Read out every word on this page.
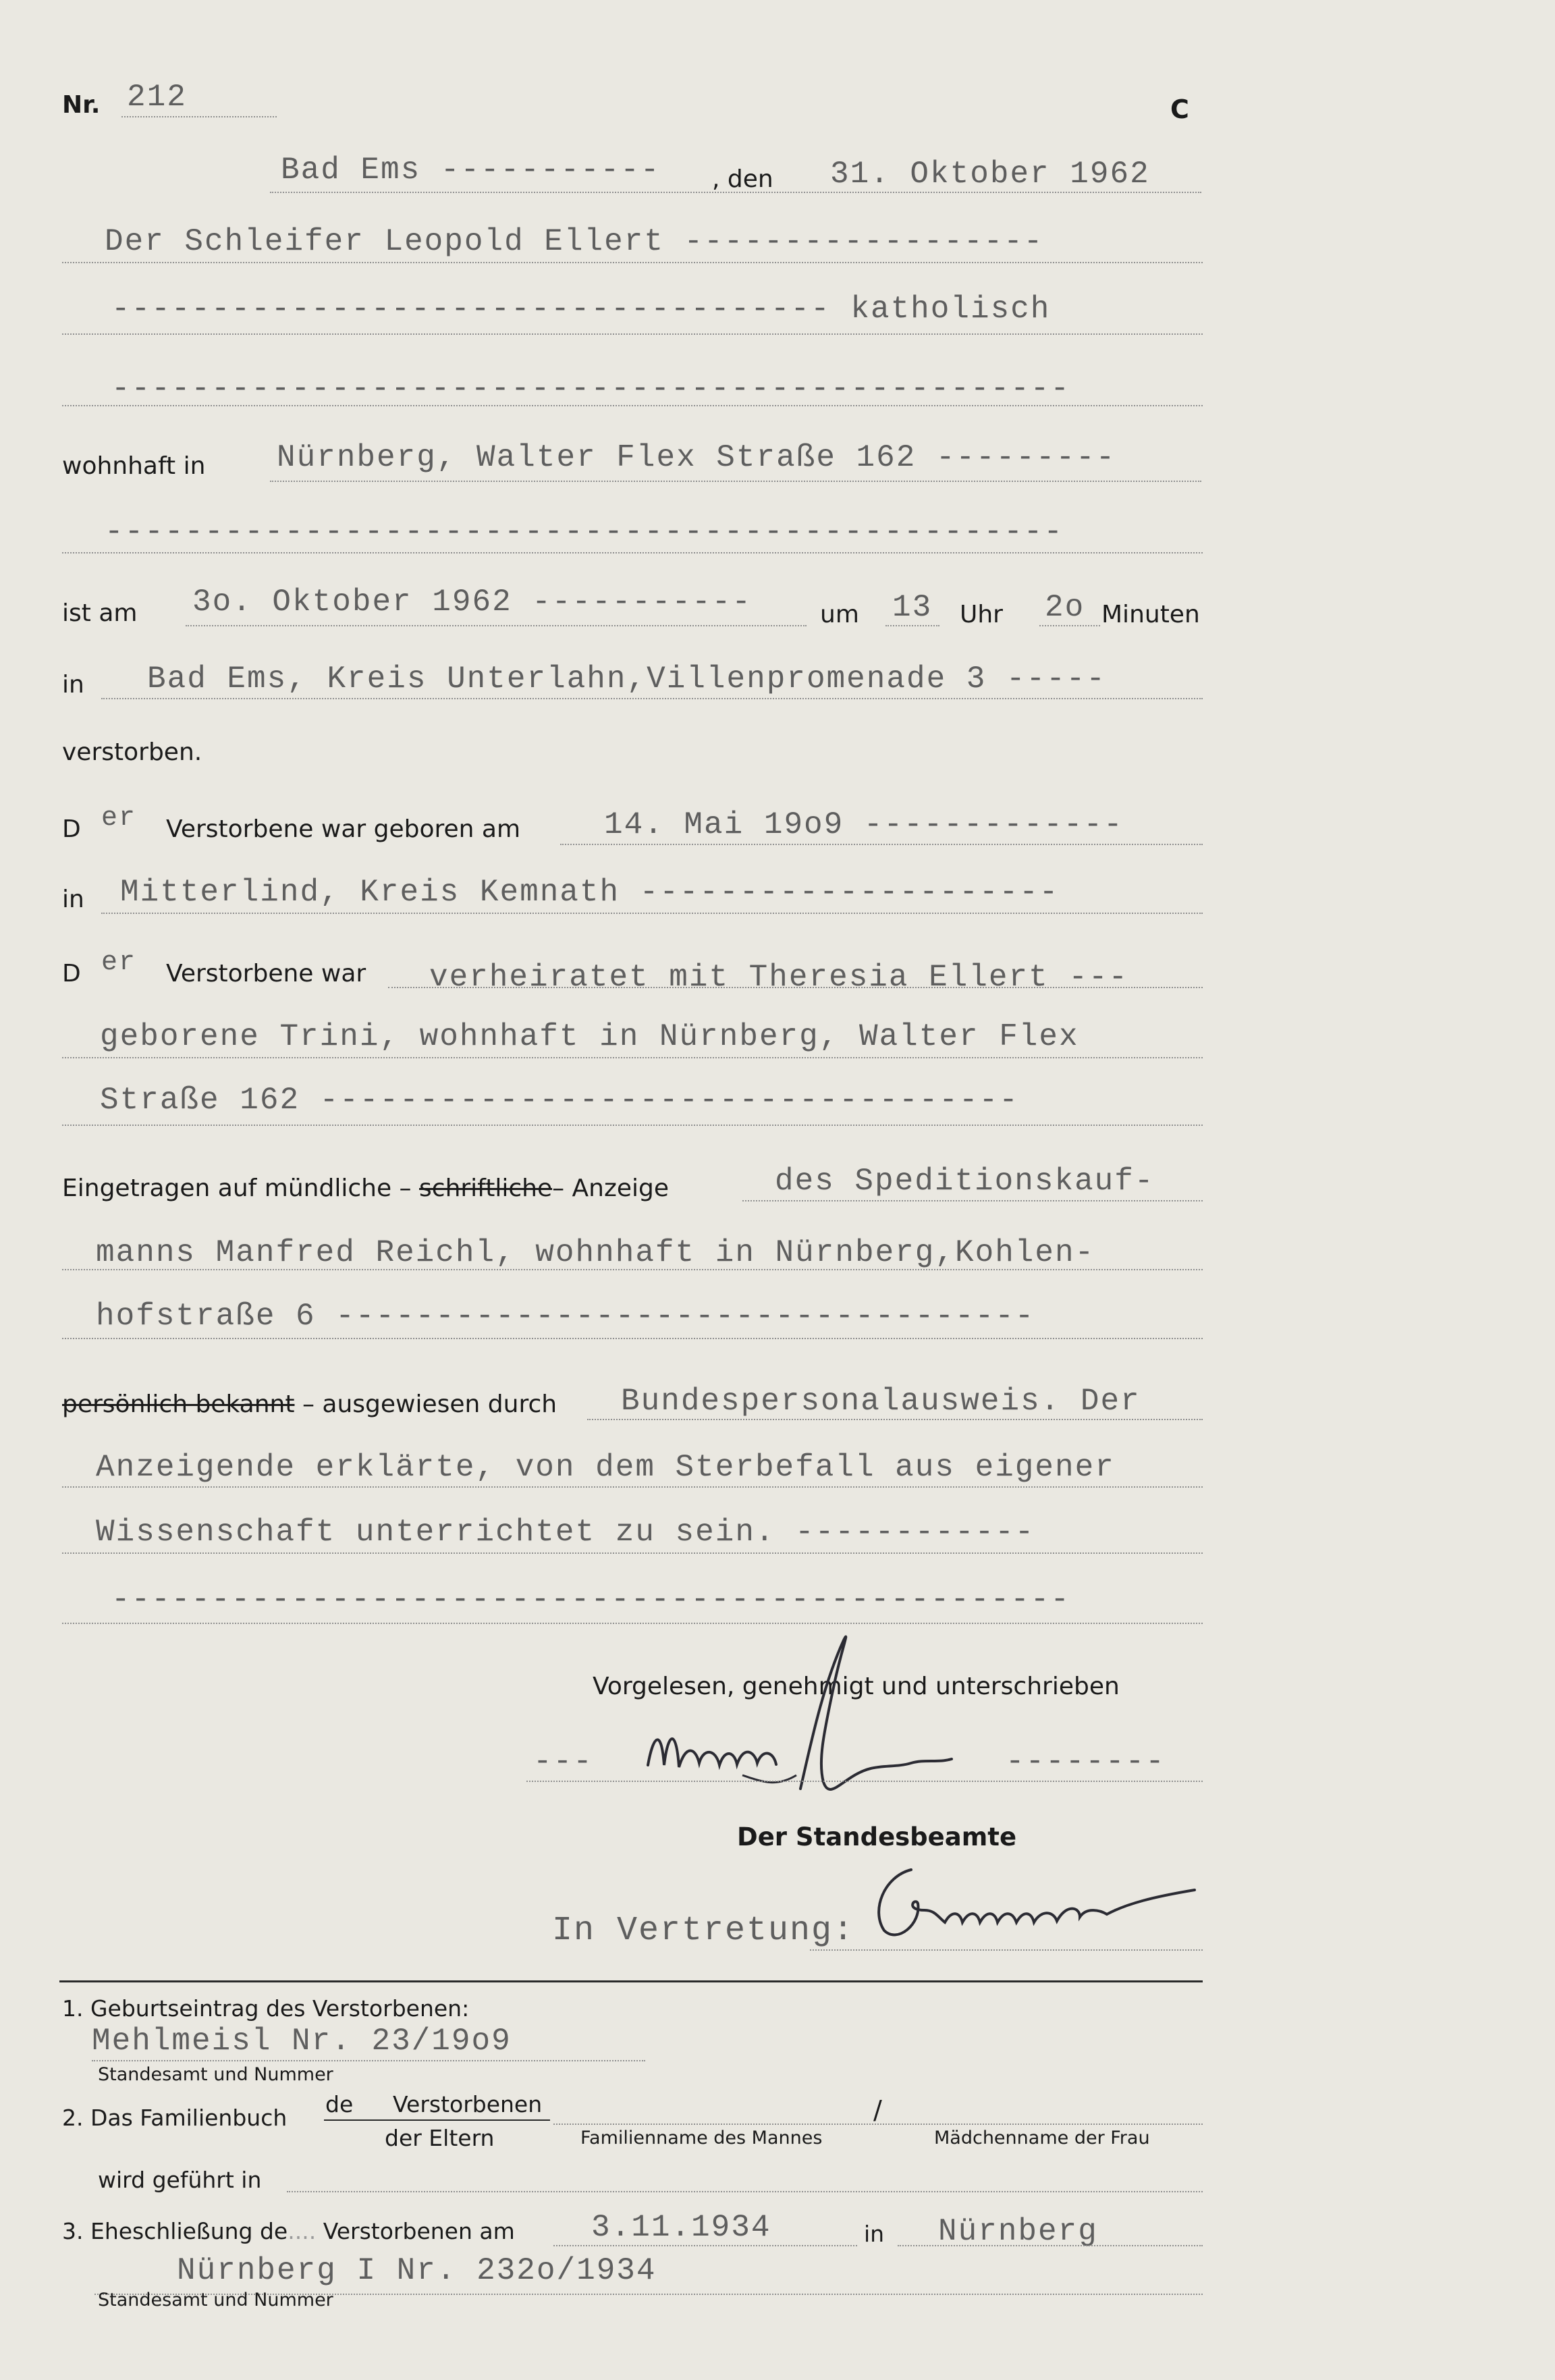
Nr. 212	C
Bad Ems ----------- , den 31. Oktober 1962
Der Schleifer Leopold Ellert ------------------
------------------------------------ katholisch
------------------------------------------------
wohnhaft in Nürnberg, Walter Flex Straße 162 ---------
------------------------------------------------
ist am 3o. Oktober 1962 -----------	um 13 Uhr 2o Minuten
in Bad Ems, Kreis Unterlahn,Villenpromenade 3 -----
verstorben.
D er Verstorbene war geboren am	14. Mai 19o9 -------------
in Mitterlind, Kreis Kemnath ---------------------
D er Verstorbene war verheiratet mit Theresia Ellert ---
geborene Trini, wohnhaft in Nürnberg, Walter Flex
Straße 162 -----------------------------------
Eingetragen auf mündliche – schriftliche– Anzeige	des Speditionskauf-
manns Manfred Reichl, wohnhaft in Nürnberg,Kohlen-
hofstraße 6 -----------------------------------
persönlich bekannt – ausgewiesen durch Bundespersonalausweis. Der
Anzeigende erklärte, von dem Sterbefall aus eigener
Wissenschaft unterrichtet zu sein. ------------
------------------------------------------------
Vorgelesen, genehmigt und unterschrieben
---	--------
Der Standesbeamte
In Vertretung:
1. Geburtseintrag des Verstorbenen:
Mehlmeisl Nr. 23/19o9
Standesamt und Nummer
2. Das Familienbuch
de Verstorbenen
der Eltern	Familienname des Mannes
/
Mädchenname der Frau
wird geführt in
3. Eheschließung de.... Verstorbenen am 3.11.1934	in Nürnberg
Nürnberg I Nr. 232o/1934
Standesamt und Nummer
